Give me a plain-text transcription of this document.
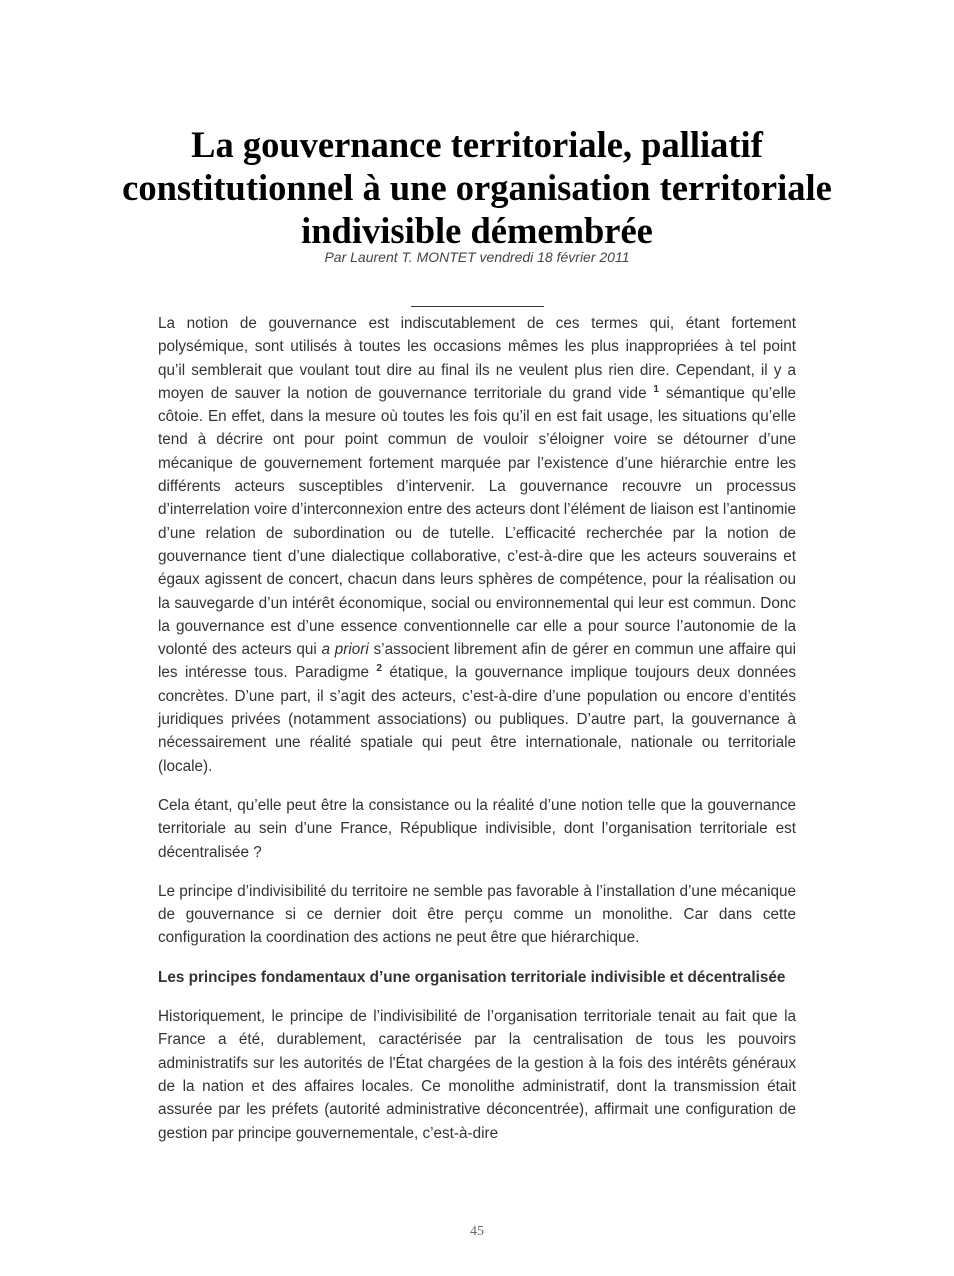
La gouvernance territoriale, palliatif constitutionnel à une organisation territoriale indivisible démembrée

Par Laurent T. MONTET vendredi 18 février 2011

La notion de gouvernance est indiscutablement de ces termes qui, étant fortement polysémique, sont utilisés à toutes les occasions mêmes les plus inappropriées à tel point qu’il semblerait que voulant tout dire au final ils ne veulent plus rien dire. Cependant, il y a moyen de sauver la notion de gouvernance territoriale du grand vide $^1$ sémantique qu’elle côtoie. En effet, dans la mesure où toutes les fois qu’il en est fait usage, les situations qu’elle tend à décrire ont pour point commun de vouloir s’éloigner voire se détourner d’une mécanique de gouvernement fortement marquée par l’existence d’une hiérarchie entre les différents acteurs susceptibles d’intervenir. La gouvernance recouvre un processus d’interrelation voire d’interconnexion entre des acteurs dont l’élément de liaison est l’antinomie d’une relation de subordination ou de tutelle. L’efficacité recherchée par la notion de gouvernance tient d’une dialectique collaborative, c’est-à-dire que les acteurs souverains et égaux agissent de concert, chacun dans leurs sphères de compétence, pour la réalisation ou la sauvegarde d’un intérêt économique, social ou environnemental qui leur est commun. Donc la gouvernance est d’une essence conventionnelle car elle a pour source l’autonomie de la volonté des acteurs qui a priori s’associent librement afin de gérer en commun une affaire qui les intéresse tous. Paradigme $^2$ étatique, la gouvernance implique toujours deux données concrètes. D’une part, il s’agit des acteurs, c’est-à-dire d’une population ou encore d’entités juridiques privées (notamment associations) ou publiques. D’autre part, la gouvernance à nécessairement une réalité spatiale qui peut être internationale, nationale ou territoriale (locale).

Cela étant, qu’elle peut être la consistance ou la réalité d’une notion telle que la gouvernance territoriale au sein d’une France, République indivisible, dont l’organisation territoriale est décentralisée ?

Le principe d’indivisibilité du territoire ne semble pas favorable à l’installation d’une mécanique de gouvernance si ce dernier doit être perçu comme un monolithe. Car dans cette configuration la coordination des actions ne peut être que hiérarchique.

Les principes fondamentaux d’une organisation territoriale indivisible et décentralisée

Historiquement, le principe de l’indivisibilité de l’organisation territoriale tenait au fait que la France a été, durablement, caractérisée par la centralisation de tous les pouvoirs administratifs sur les autorités de l'État chargées de la gestion à la fois des intérêts généraux de la nation et des affaires locales. Ce monolithe administratif, dont la transmission était assurée par les préfets (autorité administrative déconcentrée), affirmait une configuration de gestion par principe gouvernementale, c’est-à-dire

45
